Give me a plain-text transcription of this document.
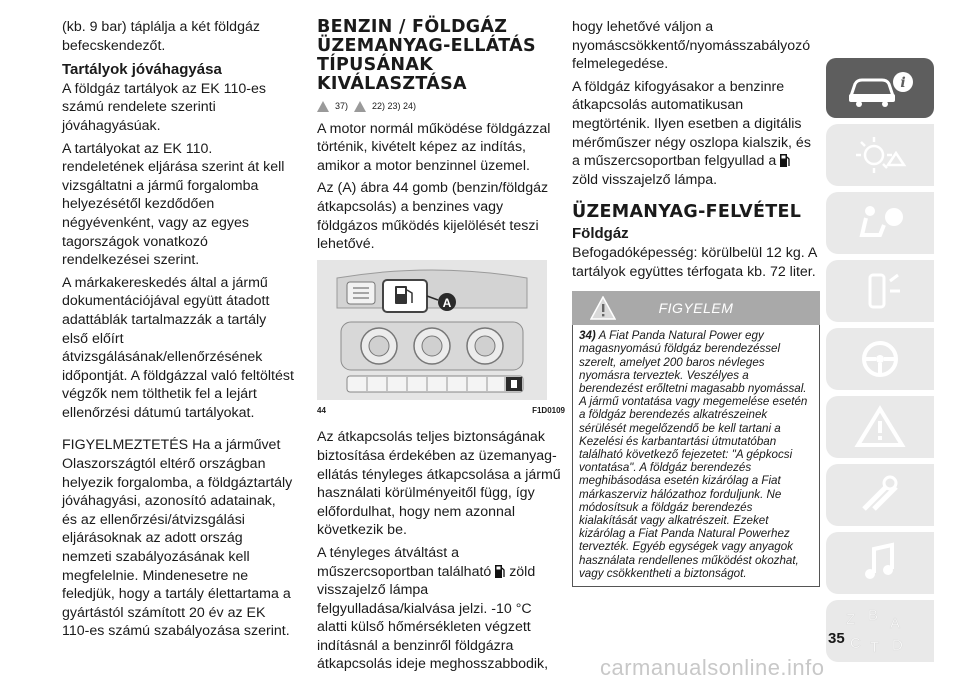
(kb. 9 bar) táplálja a két földgáz befecskendezőt.

Tartályok jóváhagyása

A földgáz tartályok az EK 110-es számú rendelete szerinti jóváhagyásúak.

A tartályokat az EK 110. rendeletének eljárása szerint át kell vizsgáltatni a jármű forgalomba helyezésétől kezdődően négyévenként, vagy az egyes tagországok vonatkozó rendelkezései szerint.

A márkakereskedés által a jármű dokumentációjával együtt átadott adattáblák tartalmazzák a tartály első előírt átvizsgálásának/ellenőrzésének időpontját. A földgázzal való feltöltést végzők nem tölthetik fel a lejárt ellenőrzési dátumú tartályokat.

FIGYELMEZTETÉS Ha a járművet Olaszországtól eltérő országban helyezik forgalomba, a földgáztartály jóváhagyási, azonosító adatainak, és az ellenőrzési/átvizsgálási eljárásoknak az adott ország nemzeti szabályozásának kell megfelelnie. Mindenesetre ne feledjük, hogy a tartály élettartama a gyártástól számított 20 év az EK 110-es számú szabályozása szerint.

BENZIN / FÖLDGÁZ ÜZEMANYAG-ELLÁTÁS TÍPUSÁNAK KIVÁLASZTÁSA
37)	22) 23) 24)

A motor normál működése földgázzal történik, kivételt képez az indítás, amikor a motor benzinnel üzemel.

Az (A) ábra 44 gomb (benzin/földgáz átkapcsolás) a benzines vagy földgázos működés kijelölését teszi lehetővé.

A
44	F1D0109

Az átkapcsolás teljes biztonságának biztosítása érdekében az üzemanyag-ellátás tényleges átkapcsolása a jármű használati körülményeitől függ, így előfordulhat, hogy nem azonnal következik be.

A tényleges átváltást a műszercsoportban található zöld visszajelző lámpa felgyulladása/kialvása jelzi. -10 °C alatti külső hőmérsékleten végzett indításnál a benzinről földgázra átkapcsolás ideje meghosszabbodik,

hogy lehetővé váljon a nyomáscsökkentő/nyomásszabályozó felmelegedése.

A földgáz kifogyásakor a benzinre átkapcsolás automatikusan megtörténik. Ilyen esetben a digitális mérőműszer négy oszlopa kialszik, és a műszercsoportban felgyullad a  zöld visszajelző lámpa.

ÜZEMANYAG-FELVÉTEL

Földgáz

Befogadóképesség: körülbelül 12 kg. A tartályok együttes térfogata kb. 72 liter.

FIGYELEM
34) A Fiat Panda Natural Power egy magasnyomású földgáz berendezéssel szerelt, amelyet 200 baros névleges nyomásra terveztek. Veszélyes a berendezést erőltetni magasabb nyomással. A jármű vontatása vagy megemelése esetén a földgáz berendezés alkatrészeinek sérülését megelőzendő be kell tartani a Kezelési és karbantartási útmutatóban található következő fejezetet: "A gépkocsi vontatása". A földgáz berendezés meghibásodása esetén kizárólag a Fiat márkaszerviz hálózathoz forduljunk. Ne módosítsuk a földgáz berendezés kialakítását vagy alkatrészeit. Ezeket kizárólag a Fiat Panda Natural Powerhez tervezték. Egyéb egységek vagy anyagok használata rendellenes működést okozhat, vagy csökkentheti a biztonságot.
i
Z B A
C T D
35
carmanualsonline.info
